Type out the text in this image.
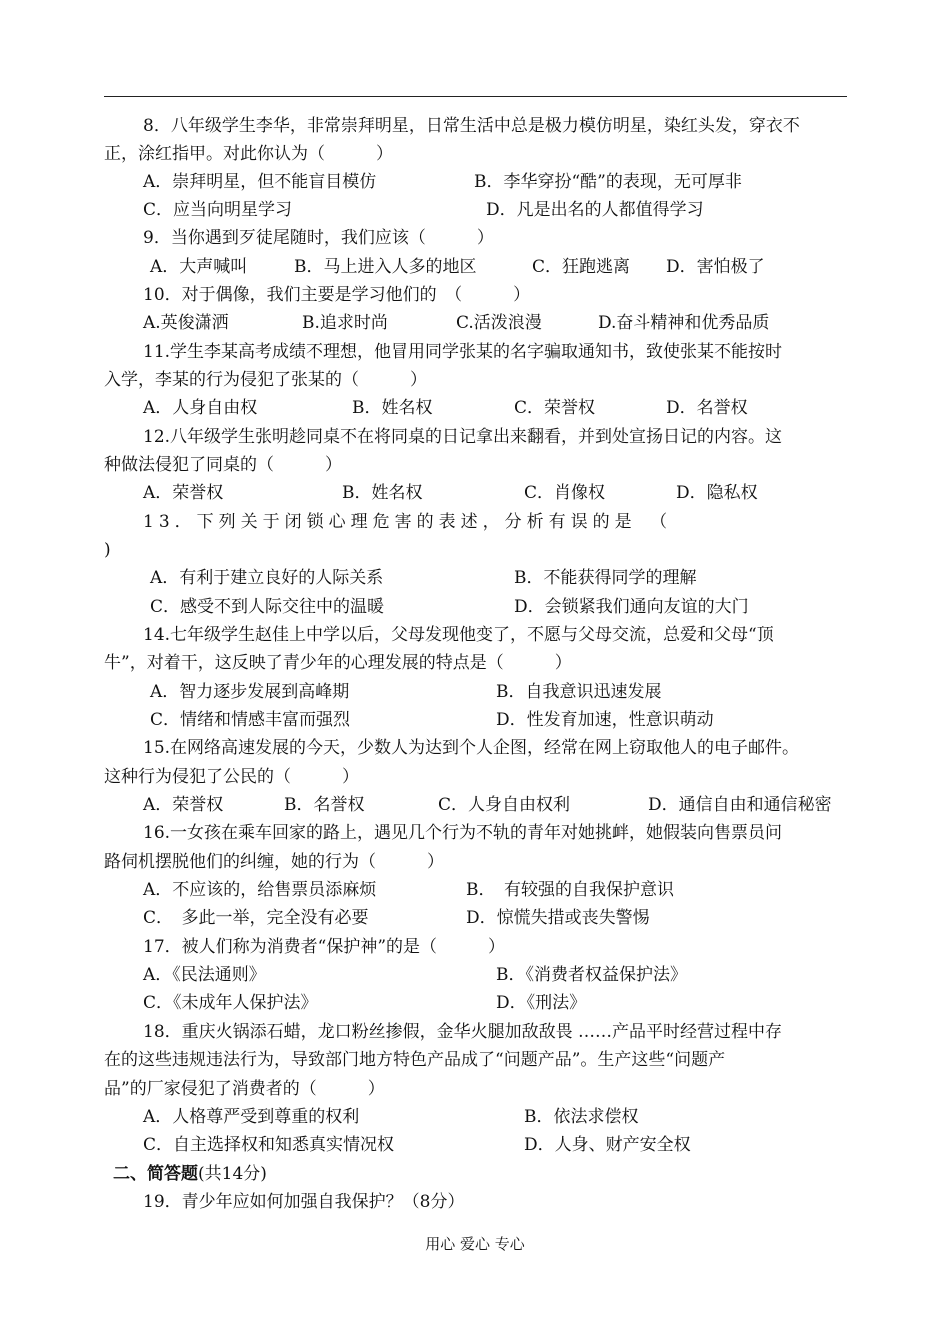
8．八年级学生李华，非常崇拜明星，日常生活中总是极力模仿明星，染红头发，穿衣不
正，涂红指甲。对此你认为（　　　）
A．崇拜明星，但不能盲目模仿	B．李华穿扮“酷”的表现，无可厚非
C．应当向明星学习	D．凡是出名的人都值得学习
9．当你遇到歹徒尾随时，我们应该（　　　）
A．大声喊叫	B．马上进入人多的地区	C．狂跑逃离 D．害怕极了
10．对于偶像，我们主要是学习他们的　（　　　）
A.英俊潇洒	B.追求时尚	C.活泼浪漫	D.奋斗精神和优秀品质
11.学生李某高考成绩不理想，他冒用同学张某的名字骗取通知书，致使张某不能按时
入学，李某的行为侵犯了张某的（　　　）
A．人身自由权	B．姓名权	C．荣誉权	D．名誉权
12.八年级学生张明趁同桌不在将同桌的日记拿出来翻看，并到处宣扬日记的内容。这
种做法侵犯了同桌的（　　　）
A．荣誉权	B．姓名权	C．肖像权	D．隐私权
13．下列关于闭锁心理危害的表述，分析有误的是　（
)
A．有利于建立良好的人际关系	B．不能获得同学的理解
C．感受不到人际交往中的温暖	D．会锁紧我们通向友谊的大门
14.七年级学生赵佳上中学以后，父母发现他变了，不愿与父母交流，总爱和父母“顶
牛”，对着干，这反映了青少年的心理发展的特点是（　　　）
A．智力逐步发展到高峰期	B．自我意识迅速发展
C．情绪和情感丰富而强烈	D．性发育加速，性意识萌动
15.在网络高速发展的今天，少数人为达到个人企图，经常在网上窃取他人的电子邮件。
这种行为侵犯了公民的（　　　）
A．荣誉权	B．名誉权	C．人身自由权利	D．通信自由和通信秘密
16.一女孩在乘车回家的路上，遇见几个行为不轨的青年对她挑衅，她假装向售票员问
路伺机摆脱他们的纠缠，她的行为（　　　）
A．不应该的，给售票员添麻烦	B．　有较强的自我保护意识
C．　多此一举，完全没有必要	D．惊慌失措或丧失警惕
17．被人们称为消费者“保护神”的是（　　　）
A．《民法通则》	B．《消费者权益保护法》
C．《未成年人保护法》	D．《刑法》
18．重庆火锅添石蜡，龙口粉丝掺假，金华火腿加敌敌畏 ……产品平时经营过程中存
在的这些违规违法行为，导致部门地方特色产品成了“问题产品”。生产这些“问题产
品”的厂家侵犯了消费者的（　　　）
A．人格尊严受到尊重的权利	B．依法求偿权
C．自主选择权和知悉真实情况权	D．人身、财产安全权
二、简答题(共14分)
19．青少年应如何加强自我保护？（8分）
用心 爱心 专心
